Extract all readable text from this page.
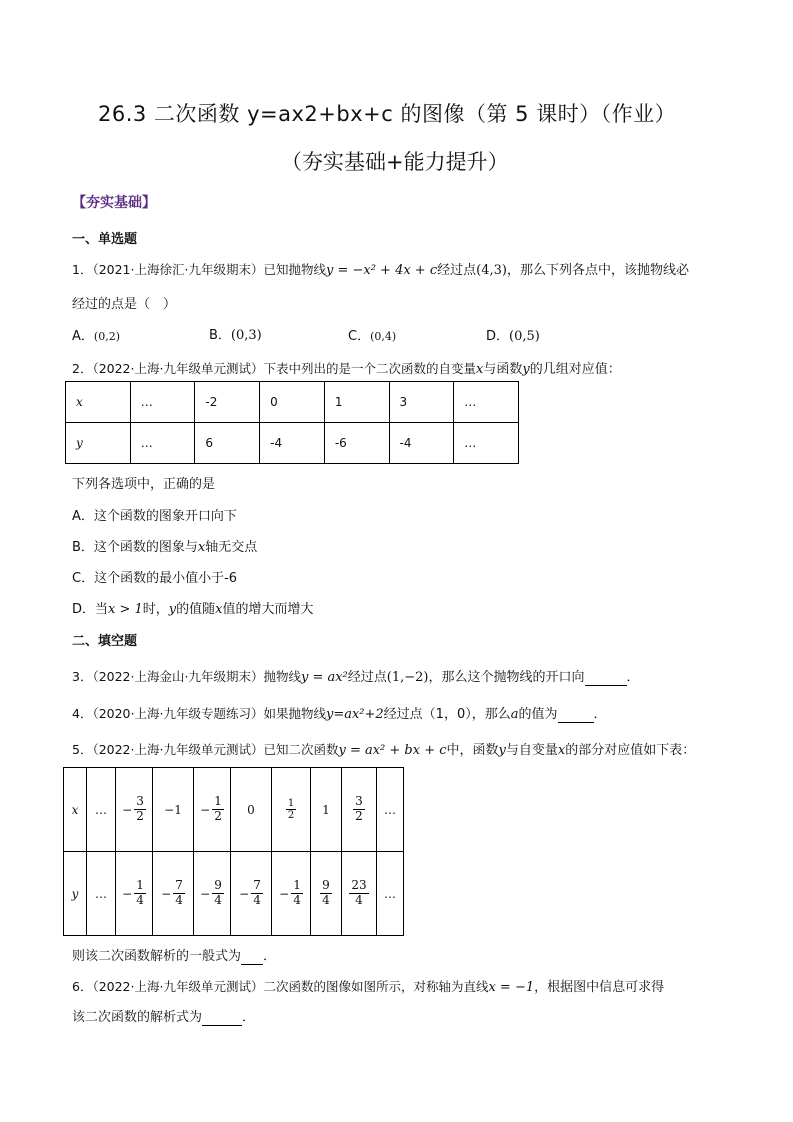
26.3 二次函数 y=ax2+bx+c 的图像（第 5 课时）（作业）
（夯实基础+能力提升）
【夯实基础】
一、单选题
1．（2021·上海徐汇·九年级期末）已知抛物线y = −x² + 4x + c经过点(4,3)，那么下列各点中，该抛物线必
经过的点是（　）
A．(0,2)	B．(0,3)	C．(0,4)	D．(0,5)
2．（2022·上海·九年级单元测试）下表中列出的是一个二次函数的自变量x与函数y的几组对应值：
x	…	-2	0	1	3	…
y	…	6	-4	-6	-4	…
下列各选项中，正确的是
A．这个函数的图象开口向下
B．这个函数的图象与x轴无交点
C．这个函数的最小值小于-6
D．当x > 1时，y的值随x值的增大而增大
二、填空题
3．（2022·上海金山·九年级期末）抛物线y = ax²经过点(1,−2)，那么这个抛物线的开口向	．
4．（2020·上海·九年级专题练习）如果抛物线y=ax²+2经过点（1，0），那么a的值为	．
5．（2022·上海·九年级单元测试）已知二次函数y = ax² + bx + c中，函数y与自变量x的部分对应值如下表：
x	…	− $\frac{3}{2}$	−1	− $\frac{1}{2}$	0	$\frac{1}{2}$	1	$\frac{3}{2}$	…
y	…	− $\frac{1}{4}$	− $\frac{7}{4}$	− $\frac{9}{4}$	− $\frac{7}{4}$	− $\frac{1}{4}$	$\frac{9}{4}$	$\frac{23}{4}$	…
则该二次函数解析的一般式为 ．
6．（2022·上海·九年级单元测试）二次函数的图像如图所示，对称轴为直线x = −1，根据图中信息可求得
该二次函数的解析式为	．
